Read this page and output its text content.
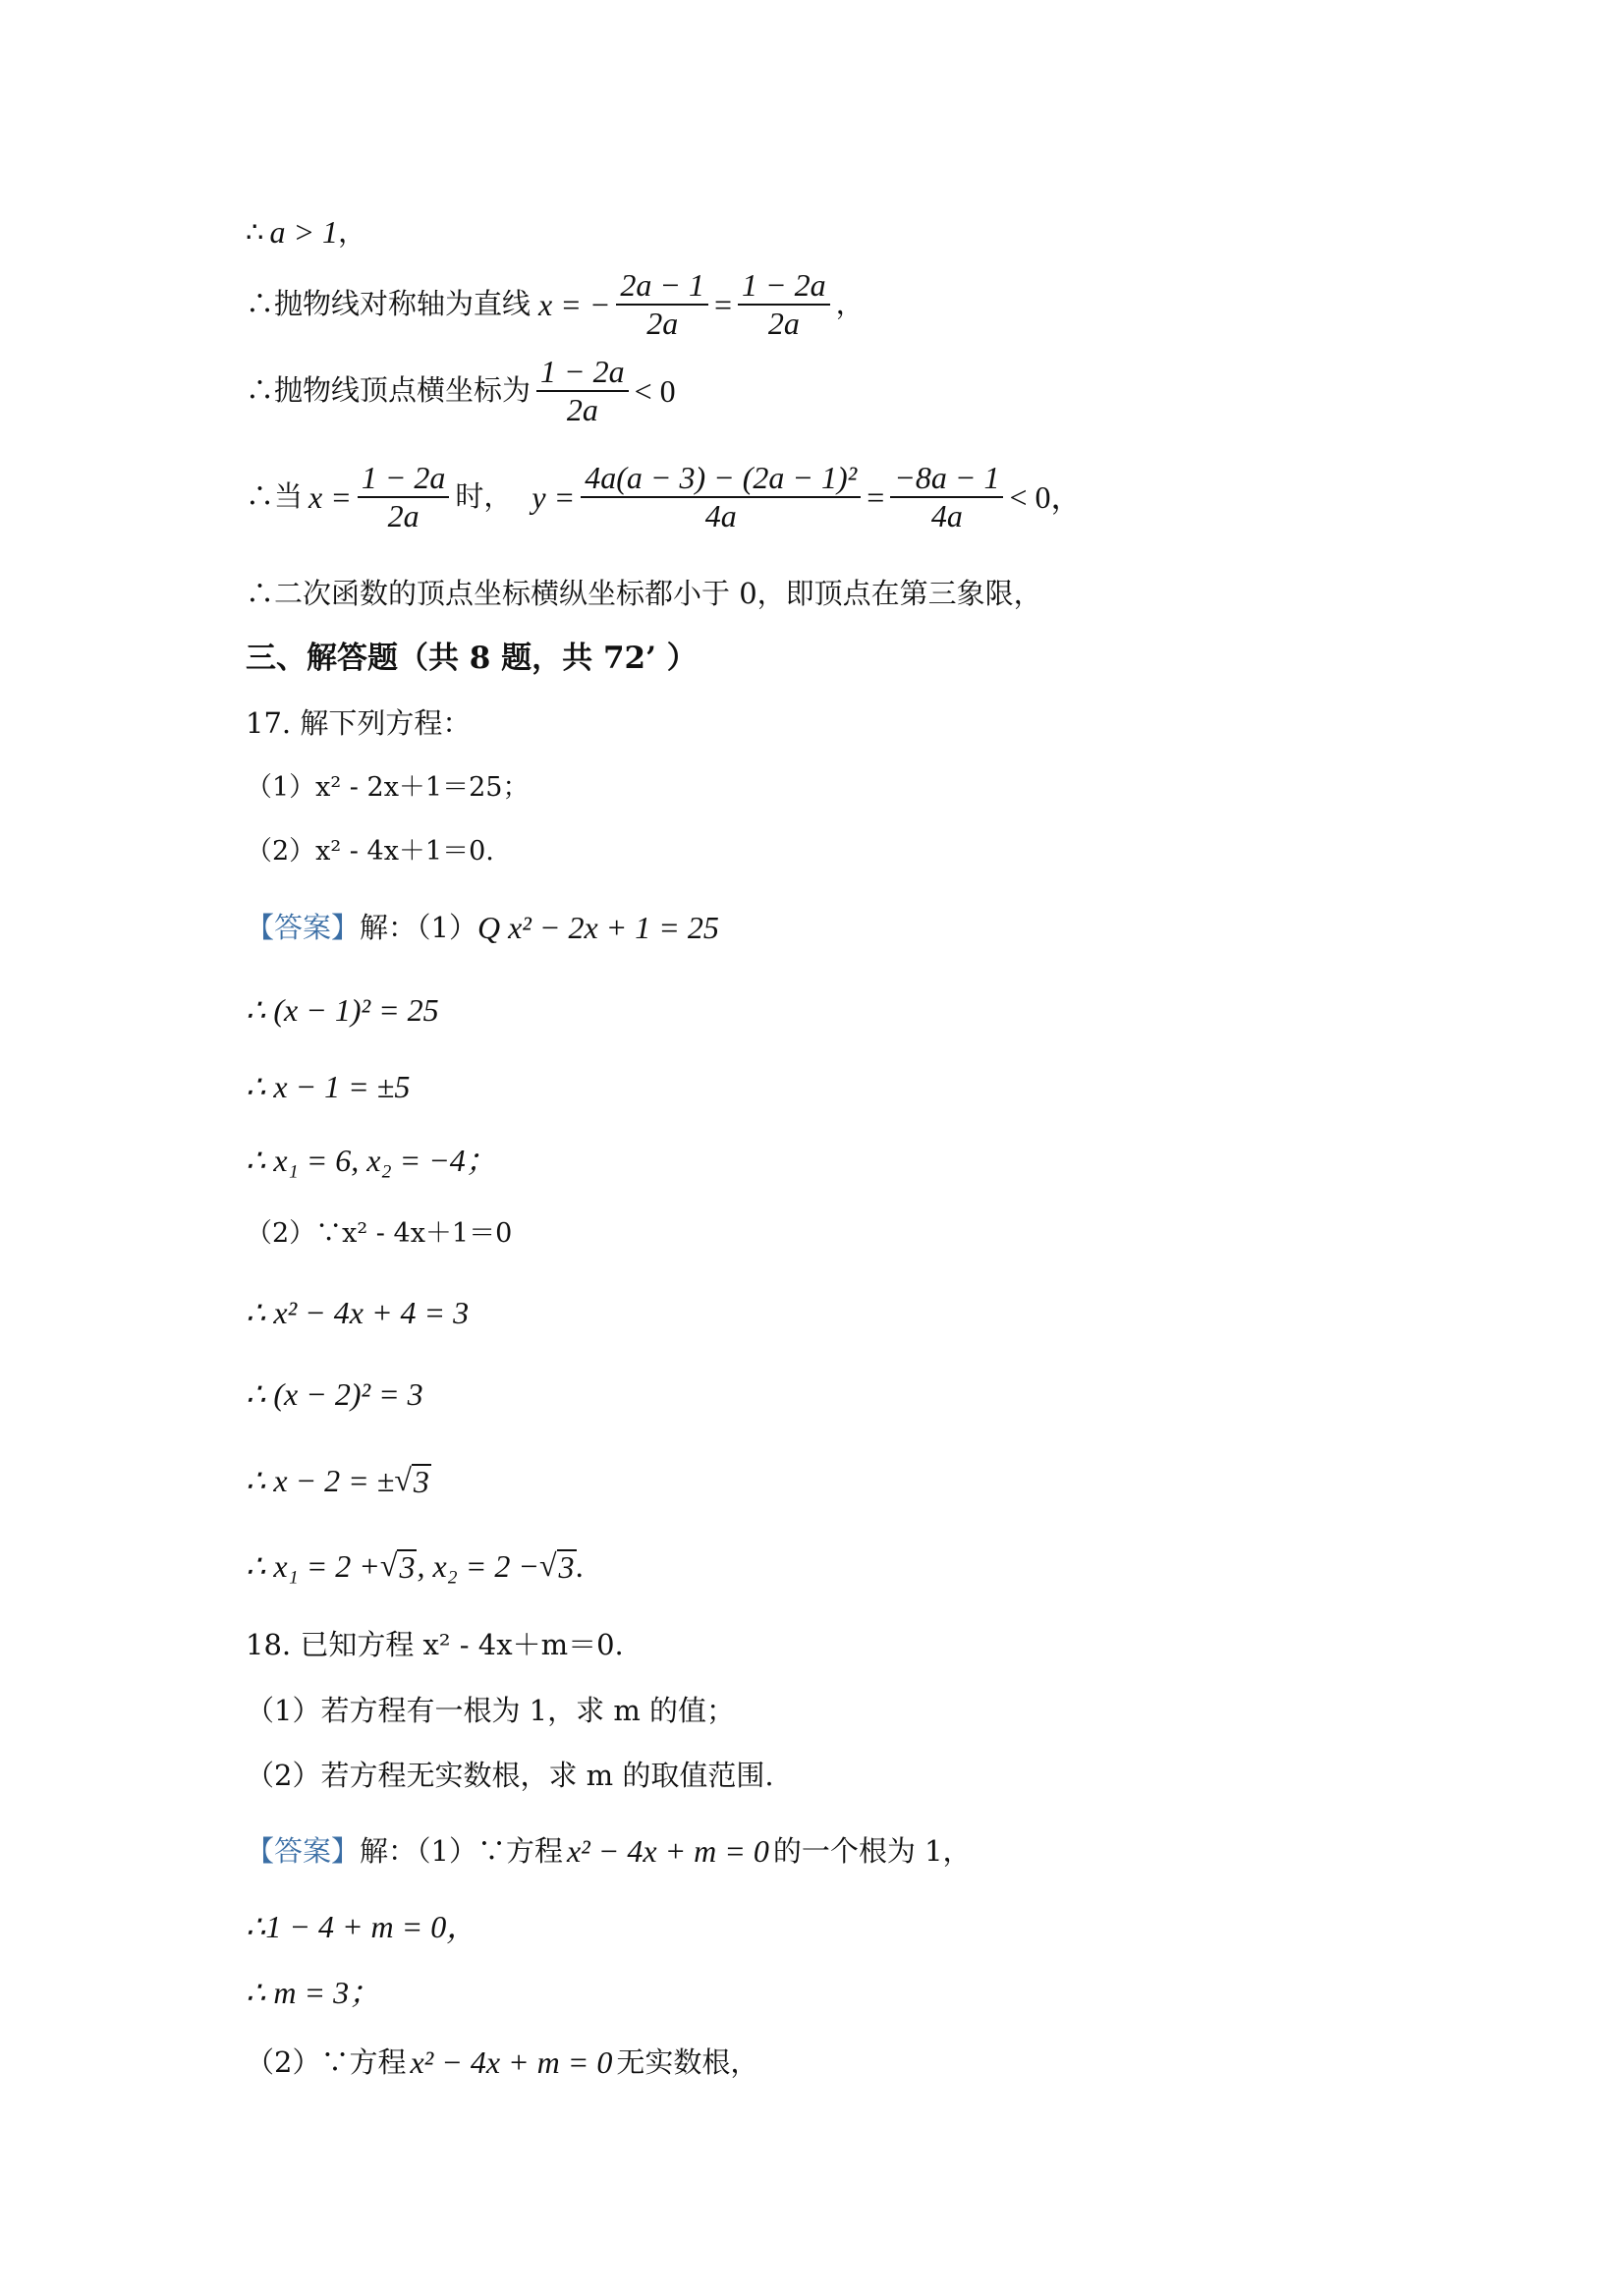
∴ a > 1 ，
∴抛物线对称轴为直线 x = − $\frac{2a - 1}{2a} = \frac{1 - 2a}{2a}$ ，
∴抛物线顶点横坐标为 $\frac{1 - 2a}{2a} < 0$
∴当 $x = \frac{1 - 2a}{2a}$ 时， $y = \frac{\text{4a(a − 3) − (2a − 1)²}}{4a} = \frac{-8a - 1}{4a} < 0$，
∴二次函数的顶点坐标横纵坐标都小于 0，即顶点在第三象限，
三、解答题（共 8 题，共 72’ ）
17. 解下列方程：
（1）x² - 2x＋1＝25；
（2）x² - 4x＋1＝0.
【答案】 解：（1） Q x² − 2x + 1 = 25
∴ (x − 1)² = 25
∴ x − 1 = ±5
∴ x₁ = 6, x₂ = −4；
（2）∵x² - 4x＋1＝0
∴ x² − 4x + 4 = 3
∴ (x − 2)² = 3
∴ x − 2 = ± √ 3
∴ x₁ = 2 + √ 3 , x₂ = 2 − √ 3 .
18. 已知方程 x² - 4x＋m＝0.
（1）若方程有一根为 1，求 m 的值；
（2）若方程无实数根，求 m 的取值范围.
【答案】 解：（1）∵方程 x² − 4x + m = 0 的一个根为 1，
∴1 − 4 + m = 0，
∴ m = 3；
（2）∵方程 x² − 4x + m = 0 无实数根，
